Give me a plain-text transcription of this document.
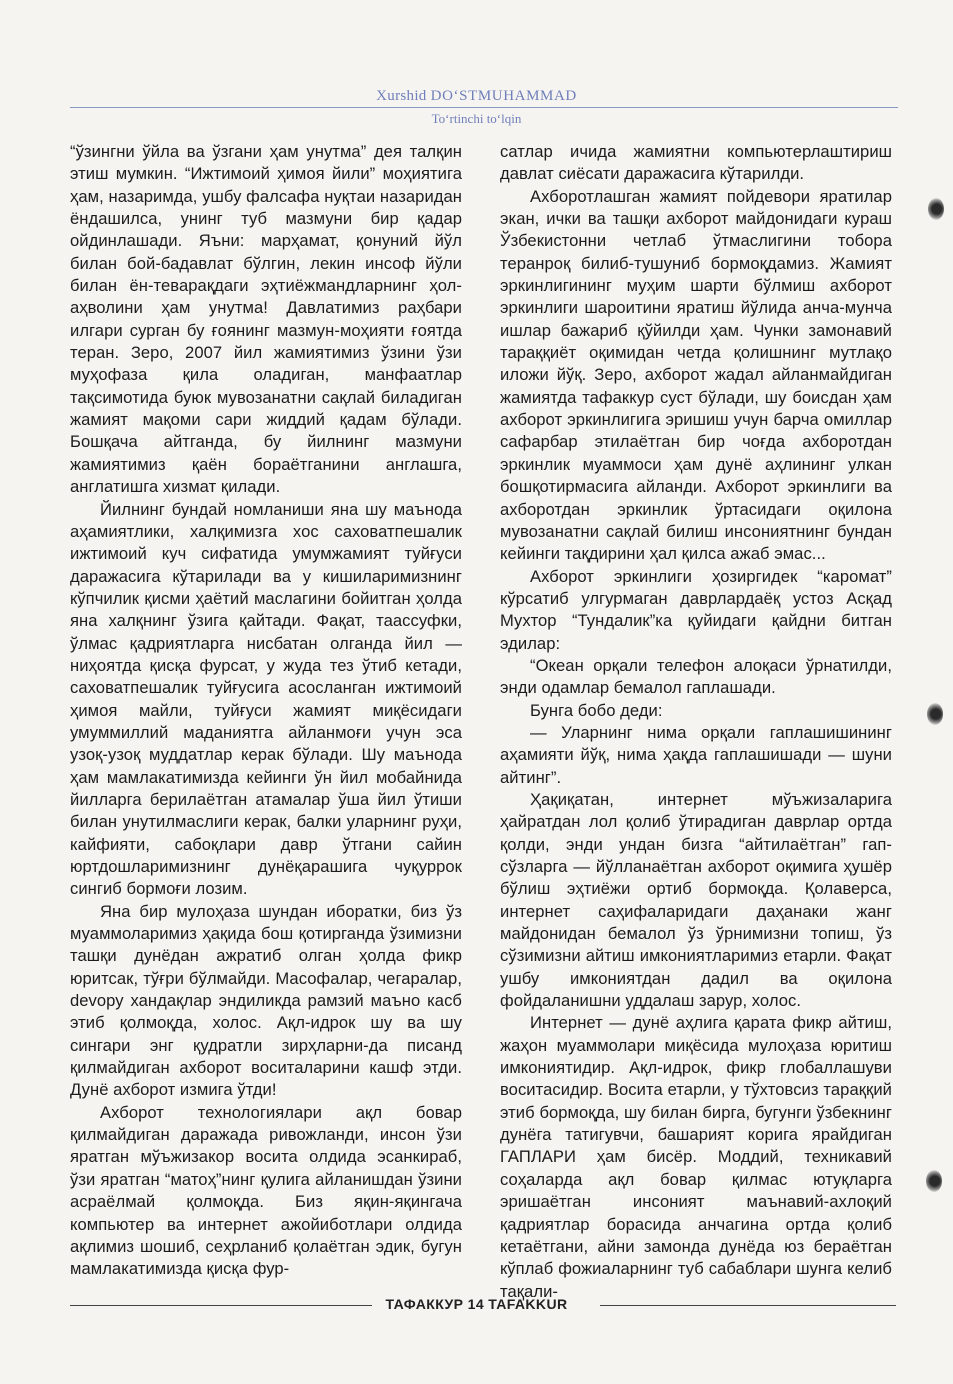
Xurshid DO‘STMUHAMMAD
To‘rtinchi to‘lqin

“ўзингни ўйла ва ўзгани ҳам унутма” дея талқин этиш мумкин. “Ижтимоий ҳимоя йили” моҳиятига ҳам, назаримда, ушбу фалсафа нуқтаи назаридан ёндашилса, унинг туб мазмуни бир қадар ойдинлашади. Яъни: марҳамат, қонуний йўл билан бой-бадавлат бўлгин, лекин инсоф йўли билан ён-теварақдаги эҳтиёжмандларнинг ҳол-аҳволини ҳам унутма! Давлатимиз раҳбари илгари сурган бу ғоянинг мазмун-моҳияти ғоятда теран. Зеро, 2007 йил жамиятимиз ўзини ўзи муҳофаза қила оладиган, манфаатлар тақсимотида буюк мувозанатни сақлай биладиган жамият мақоми сари жиддий қадам бўлади. Бошқача айтганда, бу йилнинг мазмуни жамиятимиз қаён бораётганини англашга, англатишга хизмат қилади.

Йилнинг бундай номланиши яна шу маънода аҳамиятлики, халқимизга хос саховатпешалик ижтимоий куч сифатида умумжамият туйғуси даражасига кўтарилади ва у кишиларимизнинг кўпчилик қисми ҳаётий маслагини бойитган ҳолда яна халқнинг ўзига қайтади. Фақат, таассуфки, ўлмас қадриятларга нисбатан олганда йил — ниҳоятда қисқа фурсат, у жуда тез ўтиб кетади, саховатпешалик туйғусига асосланган ижтимоий ҳимоя майли, туйғуси жамият миқёсидаги умуммиллий маданиятга айланмоғи учун эса узоқ-узоқ муддатлар керак бўлади. Шу маънода ҳам мамлакатимизда кейинги ўн йил мобайнида йилларга берилаётган атамалар ўша йил ўтиши билан унутилмаслиги керак, балки уларнинг руҳи, кайфияти, сабоқлари давр ўтгани сайин юртдошларимизнинг дунёқарашига чуқуррок сингиб бормоғи лозим.

Яна бир мулоҳаза шундан иборатки, биз ўз муаммоларимиз ҳақида бош қотирганда ўзимизни ташқи дунёдан ажратиб олган ҳолда фикр юритсак, тўғри бўлмайди. Масофалар, чегаралар, devoру хандақлар эндиликда рамзий маъно касб этиб қолмоқда, холос. Ақл-идрок шу ва шу сингари энг қудратли зирҳларни-да писанд қилмайдиган ахборот воситаларини кашф этди. Дунё ахборот измига ўтди!

Ахборот технологиялари ақл бовар қилмайдиган даражада ривожланди, инсон ўзи яратган мўъжизакор восита олдида эсанкираб, ўзи яратган “матоҳ”нинг қулига айланишдан ўзини асраёлмай қолмоқда. Биз яқин-яқингача компьютер ва интернет ажойиботлари олдида ақлимиз шошиб, сеҳрланиб қолаётган эдик, бугун мамлакатимизда қисқа фур-

сатлар ичида жамиятни компьютерлаштириш давлат сиёсати даражасига кўтарилди.

Ахборотлашган жамият пойдевори яратилар экан, ички ва ташқи ахборот майдонидаги кураш Ўзбекистонни четлаб ўтмаслигини тобора теранроқ билиб-тушуниб бормоқдамиз. Жамият эркинлигининг муҳим шарти бўлмиш ахборот эркинлиги шароитини яратиш йўлида анча-мунча ишлар бажариб қўйилди ҳам. Чунки замонавий тараққиёт оқимидан четда қолишнинг мутлақо иложи йўқ. Зеро, ахборот жадал айланмайдиган жамиятда тафаккур суст бўлади, шу боисдан ҳам ахборот эркинлигига эришиш учун барча омиллар сафарбар этилаётган бир чоғда ахборотдан эркинлик муаммоси ҳам дунё аҳлининг улкан бошқотирмасига айланди. Ахборот эркинлиги ва ахборотдан эркинлик ўртасидаги оқилона мувозанатни сақлай билиш инсониятнинг бундан кейинги тақдирини ҳал қилса ажаб эмас...

Ахборот эркинлиги ҳозиргидек “каромат” кўрсатиб улгурмаган даврлардаёқ устоз Асқад Мухтор “Тундалик”ка қуйидаги қайдни битган эдилар:

“Океан орқали телефон алоқаси ўрнатилди, энди одамлар бемалол гаплашади.

Бунга бобо деди:

— Уларнинг нима орқали гаплашишининг аҳамияти йўқ, нима ҳақда гаплашишади — шуни айтинг”.

Ҳақиқатан, интернет мўъжизаларига ҳайратдан лол қолиб ўтирадиган даврлар ортда қолди, энди ундан бизга “айтилаётган” гап-сўзларга — йўлланаётган ахборот оқимига ҳушёр бўлиш эҳтиёжи ортиб бормоқда. Қолаверса, интернет саҳифаларидаги даҳанаки жанг майдонидан бемалол ўз ўрнимизни топиш, ўз сўзимизни айтиш имкониятларимиз етарли. Фақат ушбу имкониятдан дадил ва оқилона фойдаланишни уддалаш зарур, холос.

Интернет — дунё аҳлига қарата фикр айтиш, жаҳон муаммолари миқёсида мулоҳаза юритиш имкониятидир. Ақл-идрок, фикр глобаллашуви воситасидир. Восита етарли, у тўхтовсиз тараққий этиб бормоқда, шу билан бирга, бугунги ўзбекнинг дунёга татигувчи, башарият корига ярайдиган ГАПЛАРИ ҳам бисёр. Моддий, техникавий соҳаларда ақл бовар қилмас ютуқларга эришаётган инсоният маънавий-ахлоқий қадриятлар борасида анчагина ортда қолиб кетаётгани, айни замонда дунёда юз бераётган кўплаб фожиаларнинг туб сабаблари шунга келиб тақали-

ТАФАККУР 14 TAFAKKUR
